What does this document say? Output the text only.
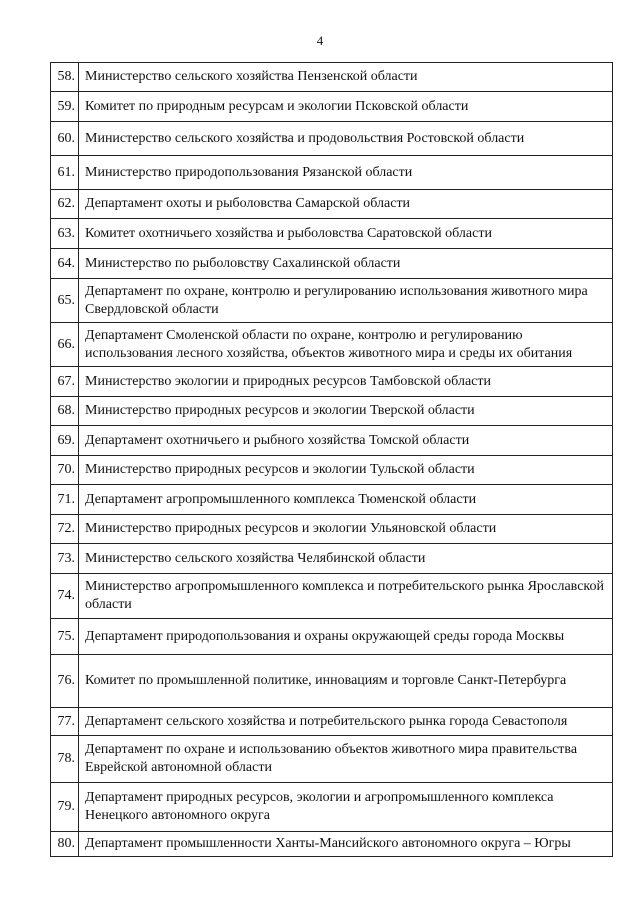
4
58.	Министерство сельского хозяйства Пензенской области
59.	Комитет по природным ресурсам и экологии Псковской области
60.	Министерство сельского хозяйства и продовольствия Ростовской области
61.	Министерство природопользования Рязанской области
62.	Департамент охоты и рыболовства Самарской области
63.	Комитет охотничьего хозяйства и рыболовства Саратовской области
64.	Министерство по рыболовству Сахалинской области
65.	Департамент по охране, контролю и регулированию использования животного мира Свердловской области
66.	Департамент Смоленской области по охране, контролю и регулированию использования лесного хозяйства, объектов животного мира и среды их обитания
67.	Министерство экологии и природных ресурсов Тамбовской области
68.	Министерство природных ресурсов и экологии Тверской области
69.	Департамент охотничьего и рыбного хозяйства Томской области
70.	Министерство природных ресурсов и экологии Тульской области
71.	Департамент агропромышленного комплекса Тюменской области
72.	Министерство природных ресурсов и экологии Ульяновской области
73.	Министерство сельского хозяйства Челябинской области
74.	Министерство агропромышленного комплекса и потребительского рынка Ярославской области
75.	Департамент природопользования и охраны окружающей среды города Москвы
76.	Комитет по промышленной политике, инновациям и торговле Санкт-Петербурга
77.	Департамент сельского хозяйства и потребительского рынка города Севастополя
78.	Департамент по охране и использованию объектов животного мира правительства Еврейской автономной области
79.	Департамент природных ресурсов, экологии и агропромышленного комплекса Ненецкого автономного округа
80.	Департамент промышленности Ханты-Мансийского автономного округа – Югры
